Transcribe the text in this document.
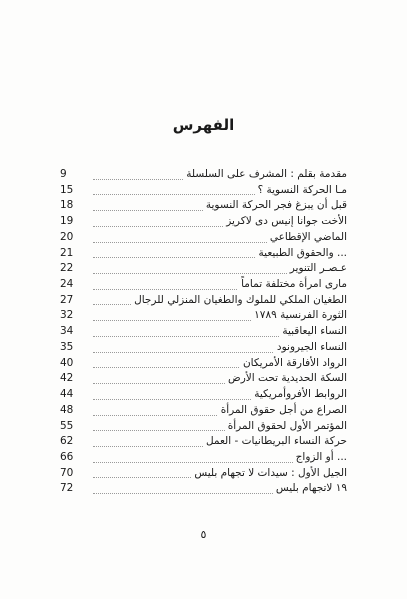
الفهرس
مقدمة بقلم : المشرف على السلسلة
9
مـا الحركة النسوية ؟
15
قبل أن يبزغ فجر الحركة النسوية
18
الأخت جوانا إنيس دى لاكريز
19
الماضي الإقطاعي
20
... والحقوق الطبيعية
21
عـصـر التنوير
22
مارى امرأة مختلفة تماماً
24
الطغيان الملكي للملوك والطغيان المنزلي للرجال
27
الثورة الفرنسية ١٧٨٩
32
النساء اليعاقبية
34
النساء الجيرونود
35
الرواد الأفارقة الأمريكان
40
السكة الحديدية تحت الأرض
42
الروابط الأفروأمريكية
44
الصراع من أجل حقوق المرأة
48
المؤتمر الأول لحقوق المرأة
55
حركة النساء البريطانيات - العمل
62
... أو الزواج
66
الجيل الأول : سيدات لا تجهام بليس
70
١٩ لاتجهام بليس
72
٥
